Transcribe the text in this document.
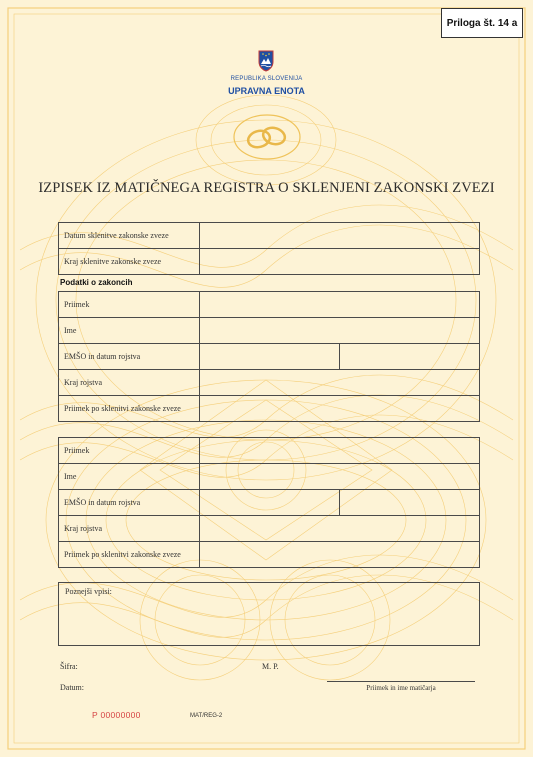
Priloga št. 14 a
REPUBLIKA SLOVENIJA
UPRAVNA ENOTA
IZPISEK IZ MATIČNEGA REGISTRA O SKLENJENI ZAKONSKI ZVEZI
Datum sklenitve zakonske zveze
Kraj sklenitve zakonske zveze
Podatki o zakoncih
Priimek
Ime
EMŠO in datum rojstva
Kraj rojstva
Priimek po sklenitvi zakonske zveze
Priimek
Ime
EMŠO in datum rojstva
Kraj rojstva
Priimek po sklenitvi zakonske zveze
Poznejši vpisi:
Šifra:
Datum:
M. P.
Priimek in ime matičarja
P 00000000	MAT/REG-2
